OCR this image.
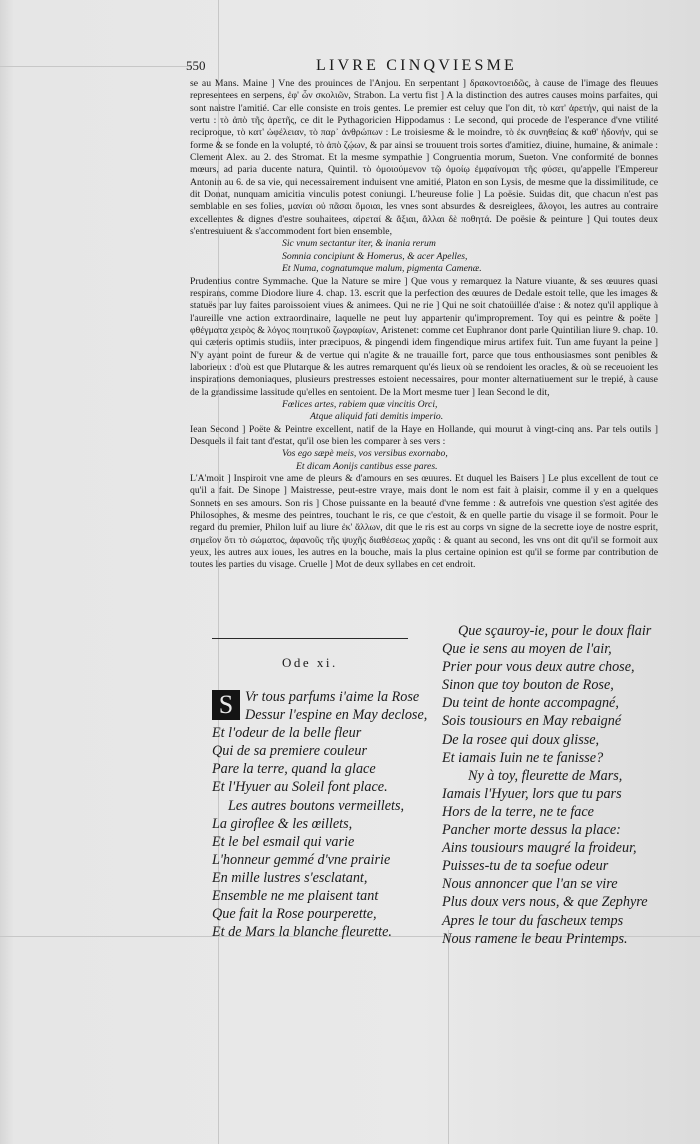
550	LIVRE CINQVIESME

se au Mans. Maine ] Vne des prouinces de l'Anjou. En serpentant ] δρακοντοειδῶς, à cause de l'image des fleuues representees en serpens, ἐφ' ὧν σκολιῶν, Strabon. La vertu fist ] A la distinction des autres causes moins parfaites, qui sont naistre l'amitié. Car elle consiste en trois gentes. Le premier est celuy que l'on dit, τὸ κατ' ἀρετήν, qui naist de la vertu : τὸ ἀπὸ τῆς ἀρετῆς, ce dit le Pythagoricien Hippodamus : Le second, qui procede de l'esperance d'vne vtilité reciproque, τὸ κατ' ὠφέλειαν, τὸ παρ᾽ ἀνθρώπων : Le troisiesme & le moindre, τὸ ἐκ συνηθείας & καθ' ἡδονήν, qui se forme & se fonde en la volupté, τὸ ἀπὸ ζῴων, & par ainsi se trouuent trois sortes d'amitiez, diuine, humaine, & animale : Clement Alex. au 2. des Stromat. Et la mesme sympathie ] Congruentia morum, Sueton. Vne conformité de bonnes mœurs, ad paria ducente natura, Quintil. τὸ ὁμοιούμενον τῷ ὁμοίῳ ἐμφαίνομαι τῆς φύσει, qu'appelle l'Empereur Antonin au 6. de sa vie, qui necessairement induisent vne amitié, Platon en son Lysis, de mesme que la dissimilitude, ce dit Donat, nunquam amicitia vinculis potest coniungi. L'heureuse folie ] La poësie. Suidas dit, que chacun n'est pas semblable en ses folies, μανίαι οὐ πᾶσαι ὅμοιαι, les vnes sont absurdes & desreiglees, ἄλογοι, les autres au contraire excellentes & dignes d'estre souhaitees, αἱρεταί & ἄξιαι, ἄλλαι δὲ ποθητά. De poësie & peinture ] Qui toutes deux s'entresuiuent & s'accommodent fort bien ensemble,

Sic vnum sectantur iter, & inania rerum

Somnia concipiunt & Homerus, & acer Apelles,

Et Numa, cognatumque malum, pigmenta Camenæ.

Prudentius contre Symmache. Que la Nature se mire ] Que vous y remarquez la Nature viuante, & ses œuures quasi respirans, comme Diodore liure 4. chap. 13. escrit que la perfection des œuures de Dedale estoit telle, que les images & statuës par luy faites paroissoient viues & animees. Qui ne rie ] Qui ne soit chatoüillée d'aise : & notez qu'il applique à l'aureille vne action extraordinaire, laquelle ne peut luy appartenir qu'improprement. Toy qui es peintre & poëte ] φθέγματα χειρὸς & λόγος ποιητικοῦ ζωγραφίων, Aristenet: comme cet Euphranor dont parle Quintilian liure 9. chap. 10. qui cæteris optimis studiis, inter præcipuos, & pingendi idem fingendique mirus artifex fuit. Tun ame fuyant la peine ] N'y ayant point de fureur & de vertue qui n'agite & ne trauaille fort, parce que tous enthousiasmes sont penibles & laborieux : d'où est que Plutarque & les autres remarquent qu'és lieux où se rendoient les oracles, & où se receuoient les inspirations demoniaques, plusieurs prestresses estoient necessaires, pour monter alternatiuement sur le trepié, à cause de la grandissime lassitude qu'elles en sentoient. De la Mort mesme tuer ] Iean Second le dit,

Fœlices artes, rabiem quæ vincitis Orci,

Atque aliquid fati demitis imperio.

Iean Second ] Poëte & Peintre excellent, natif de la Haye en Hollande, qui mourut à vingt-cinq ans. Par tels outils ] Desquels il fait tant d'estat, qu'il ose bien les comparer à ses vers :

Vos ego sæpè meis, vos versibus exornabo,

Et dicam Aonijs cantibus esse pares.

L'A'moit ] Inspiroit vne ame de pleurs & d'amours en ses œuures. Et duquel les Baisers ] Le plus excellent de tout ce qu'il a fait. De Sinope ] Maistresse, peut-estre vraye, mais dont le nom est fait à plaisir, comme il y en a quelques Sonnets en ses amours. Son ris ] Chose puissante en la beauté d'vne femme : & autrefois vne question s'est agitée des Philosophes, & mesme des peintres, touchant le ris, ce que c'estoit, & en quelle partie du visage il se formoit. Pour le regard du premier, Philon luif au liure ἐκ' ἄλλων, dit que le ris est au corps vn signe de la secrette ioye de nostre esprit, σημεῖον ὅτι τὸ σώματος, ἀφανοῦς τῆς ψυχῆς διαθέσεως χαρᾶς : & quant au second, les vns ont dit qu'il se formoit aux yeux, les autres aux ioues, les autres en la bouche, mais la plus certaine opinion est qu'il se forme par contribution de toutes les parties du visage. Cruelle ] Mot de deux syllabes en cet endroit.

Ode xi.
S Vr tous parfums i'aime la Rose
Dessur l'espine en May declose,
Et l'odeur de la belle fleur
Qui de sa premiere couleur
Pare la terre, quand la glace
Et l'Hyuer au Soleil font place.
Les autres boutons vermeillets,
La giroflee & les œillets,
Et le bel esmail qui varie
L'honneur gemmé d'vne prairie
En mille lustres s'esclatant,
Ensemble ne me plaisent tant
Que fait la Rose pourperette,
Et de Mars la blanche fleurette.
Que sçauroy-ie, pour le doux flair
Que ie sens au moyen de l'air,
Prier pour vous deux autre chose,
Sinon que toy bouton de Rose,
Du teint de honte accompagné,
Sois tousiours en May rebaigné
De la rosee qui doux glisse,
Et iamais Iuin ne te fanisse?
Ny à toy, fleurette de Mars,
Iamais l'Hyuer, lors que tu pars
Hors de la terre, ne te face
Pancher morte dessus la place:
Ains tousiours maugré la froideur,
Puisses-tu de ta soefue odeur
Nous annoncer que l'an se vire
Plus doux vers nous, & que Zephyre
Apres le tour du fascheux temps
Nous ramene le beau Printemps.
